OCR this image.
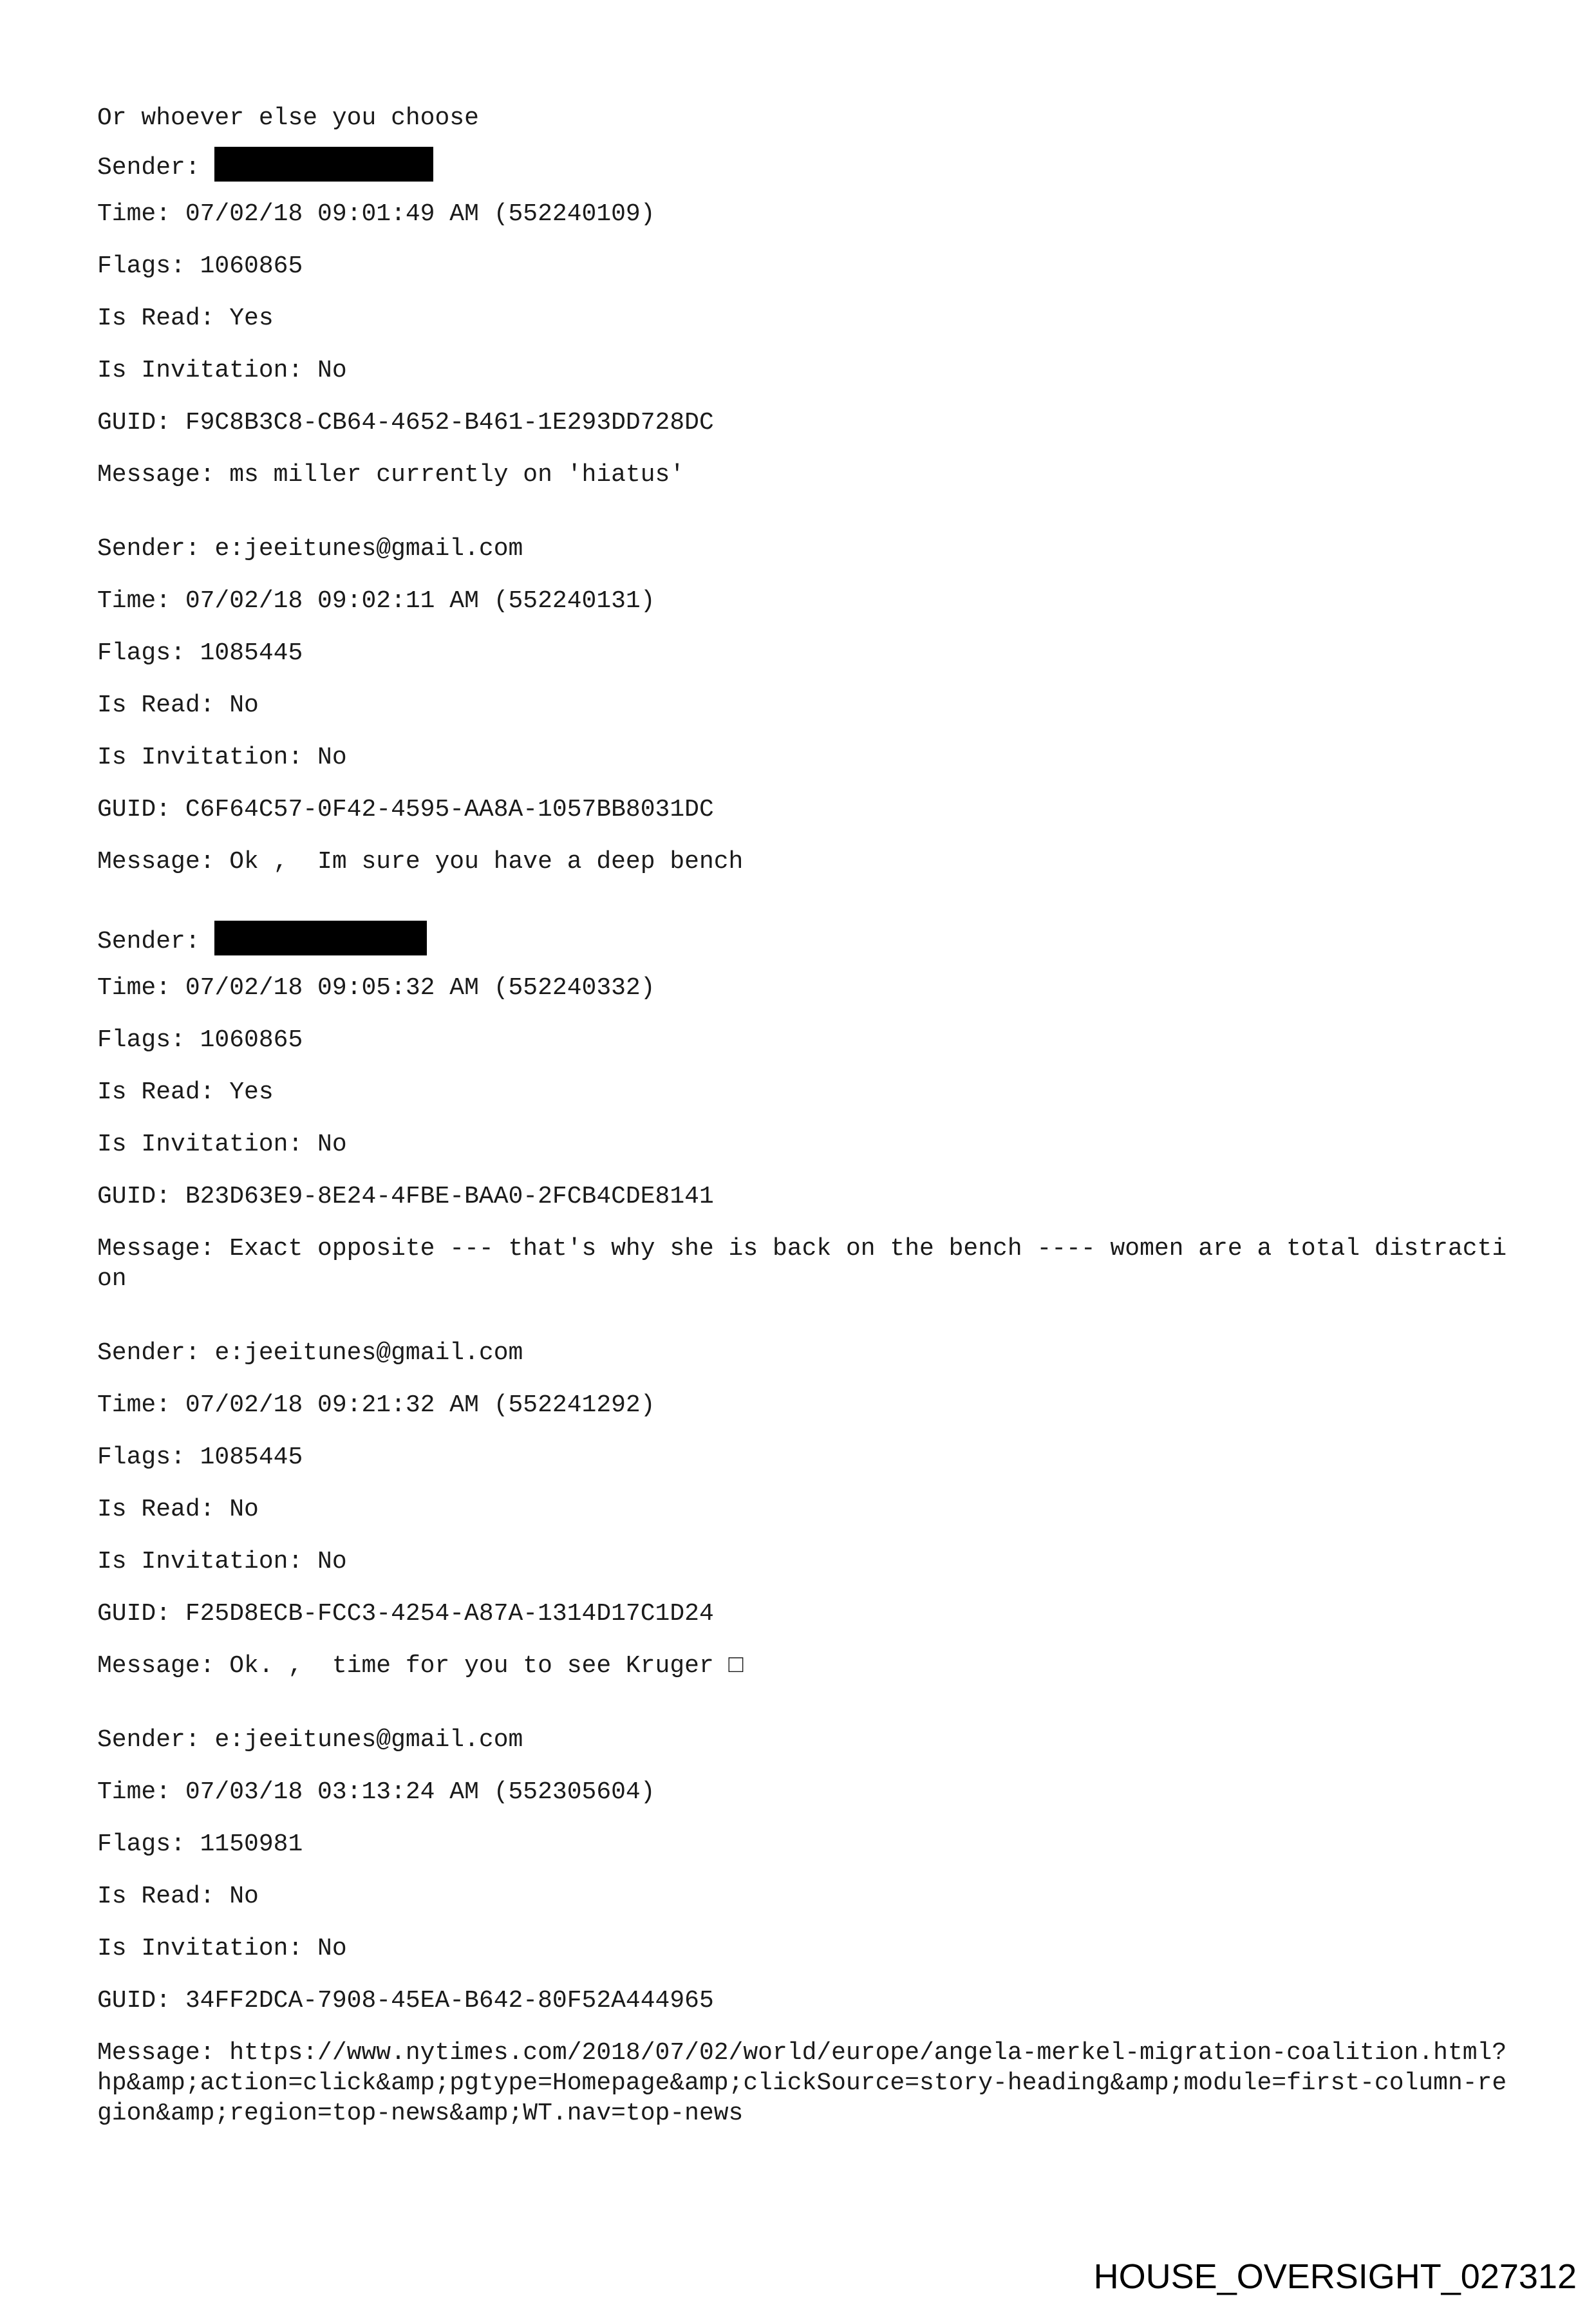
Or whoever else you choose
Sender:
Time: 07/02/18 09:01:49 AM (552240109)
Flags: 1060865
Is Read: Yes
Is Invitation: No
GUID: F9C8B3C8-CB64-4652-B461-1E293DD728DC
Message: ms miller currently on 'hiatus'
Sender: e:jeeitunes@gmail.com
Time: 07/02/18 09:02:11 AM (552240131)
Flags: 1085445
Is Read: No
Is Invitation: No
GUID: C6F64C57-0F42-4595-AA8A-1057BB8031DC
Message: Ok ,  Im sure you have a deep bench
Sender:
Time: 07/02/18 09:05:32 AM (552240332)
Flags: 1060865
Is Read: Yes
Is Invitation: No
GUID: B23D63E9-8E24-4FBE-BAA0-2FCB4CDE8141
Message: Exact opposite --- that's why she is back on the bench ---- women are a total distraction
Sender: e:jeeitunes@gmail.com
Time: 07/02/18 09:21:32 AM (552241292)
Flags: 1085445
Is Read: No
Is Invitation: No
GUID: F25D8ECB-FCC3-4254-A87A-1314D17C1D24
Message: Ok. ,  time for you to see Kruger □
Sender: e:jeeitunes@gmail.com
Time: 07/03/18 03:13:24 AM (552305604)
Flags: 1150981
Is Read: No
Is Invitation: No
GUID: 34FF2DCA-7908-45EA-B642-80F52A444965
Message: https://www.nytimes.com/2018/07/02/world/europe/angela-merkel-migration-coalition.html?hp&amp;action=click&amp;pgtype=Homepage&amp;clickSource=story-heading&amp;module=first-column-region&amp;region=top-news&amp;WT.nav=top-news
HOUSE_OVERSIGHT_027312
